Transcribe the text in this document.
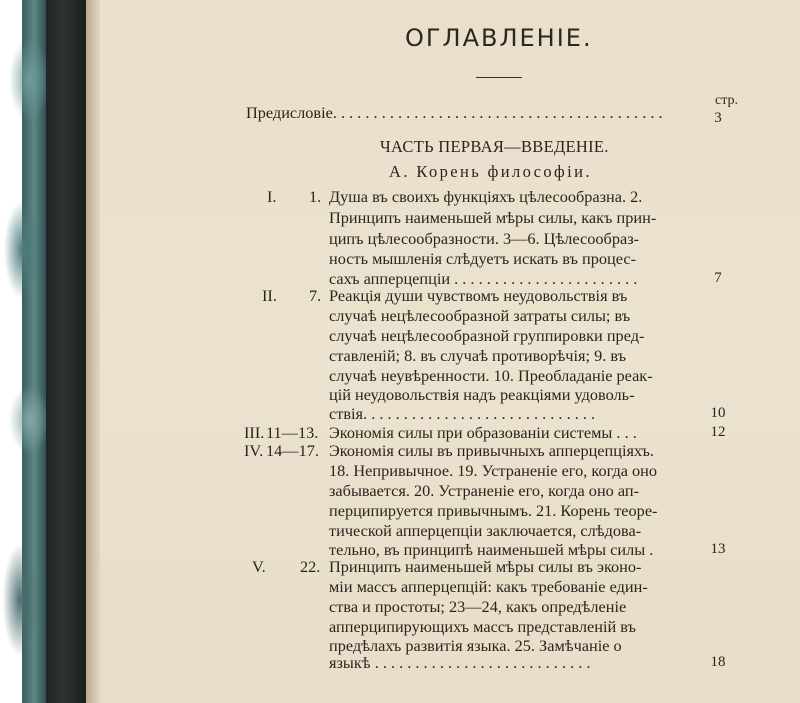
ОГЛАВЛЕНІЕ.
стр.
Предисловіе. . . . . . . . . . . . . . . . . . . . . . . . . . . . . . . . . . . . . . . . .	3
ЧАСТЬ ПЕРВАЯ—ВВЕДЕНІЕ.
А. Корень философіи.
I. 1. Душа въ своихъ функціяхъ цѣлесообразна. 2.
Принципъ наименьшей мѣры силы, какъ прин-
ципъ цѣлесообразности. 3—6. Цѣлесообраз-
ность мышленія слѣдуетъ искать въ процес-
сахъ апперцепціи . . . . . . . . . . . . . . . . . . . . . . .	7
II. 7. Реакція души чувствомъ неудовольствія въ
случаѣ нецѣлесообразной затраты силы; въ
случаѣ нецѣлесообразной группировки пред-
ставленій; 8. въ случаѣ противорѣчія; 9. въ
случаѣ неувѣренности. 10. Преобладаніе реак-
цій неудовольствія надъ реакціями удоволь-
ствія. . . . . . . . . . . . . . . . . . . . . . . . . . . . .	10
III. 11—13. Экономія силы при образованіи системы . . .	12
IV. 14—17. Экономія силы въ привычныхъ апперцепціяхъ.
18. Непривычное. 19. Устраненіе его, когда оно
забывается. 20. Устраненіе его, когда оно ап-
перципируется привычнымъ. 21. Корень теоре-
тической апперцепціи заключается, слѣдова-
тельно, въ принципѣ наименьшей мѣры силы .	13
V. 22. Принципъ наименьшей мѣры силы въ эконо-
міи массъ апперцепцій: какъ требованіе един-
ства и простоты; 23—24, какъ опредѣленіе
апперципирующихъ массъ представленій въ
предѣлахъ развитія языка. 25. Замѣчаніе о
языкѣ . . . . . . . . . . . . . . . . . . . . . . . . . . .	18
